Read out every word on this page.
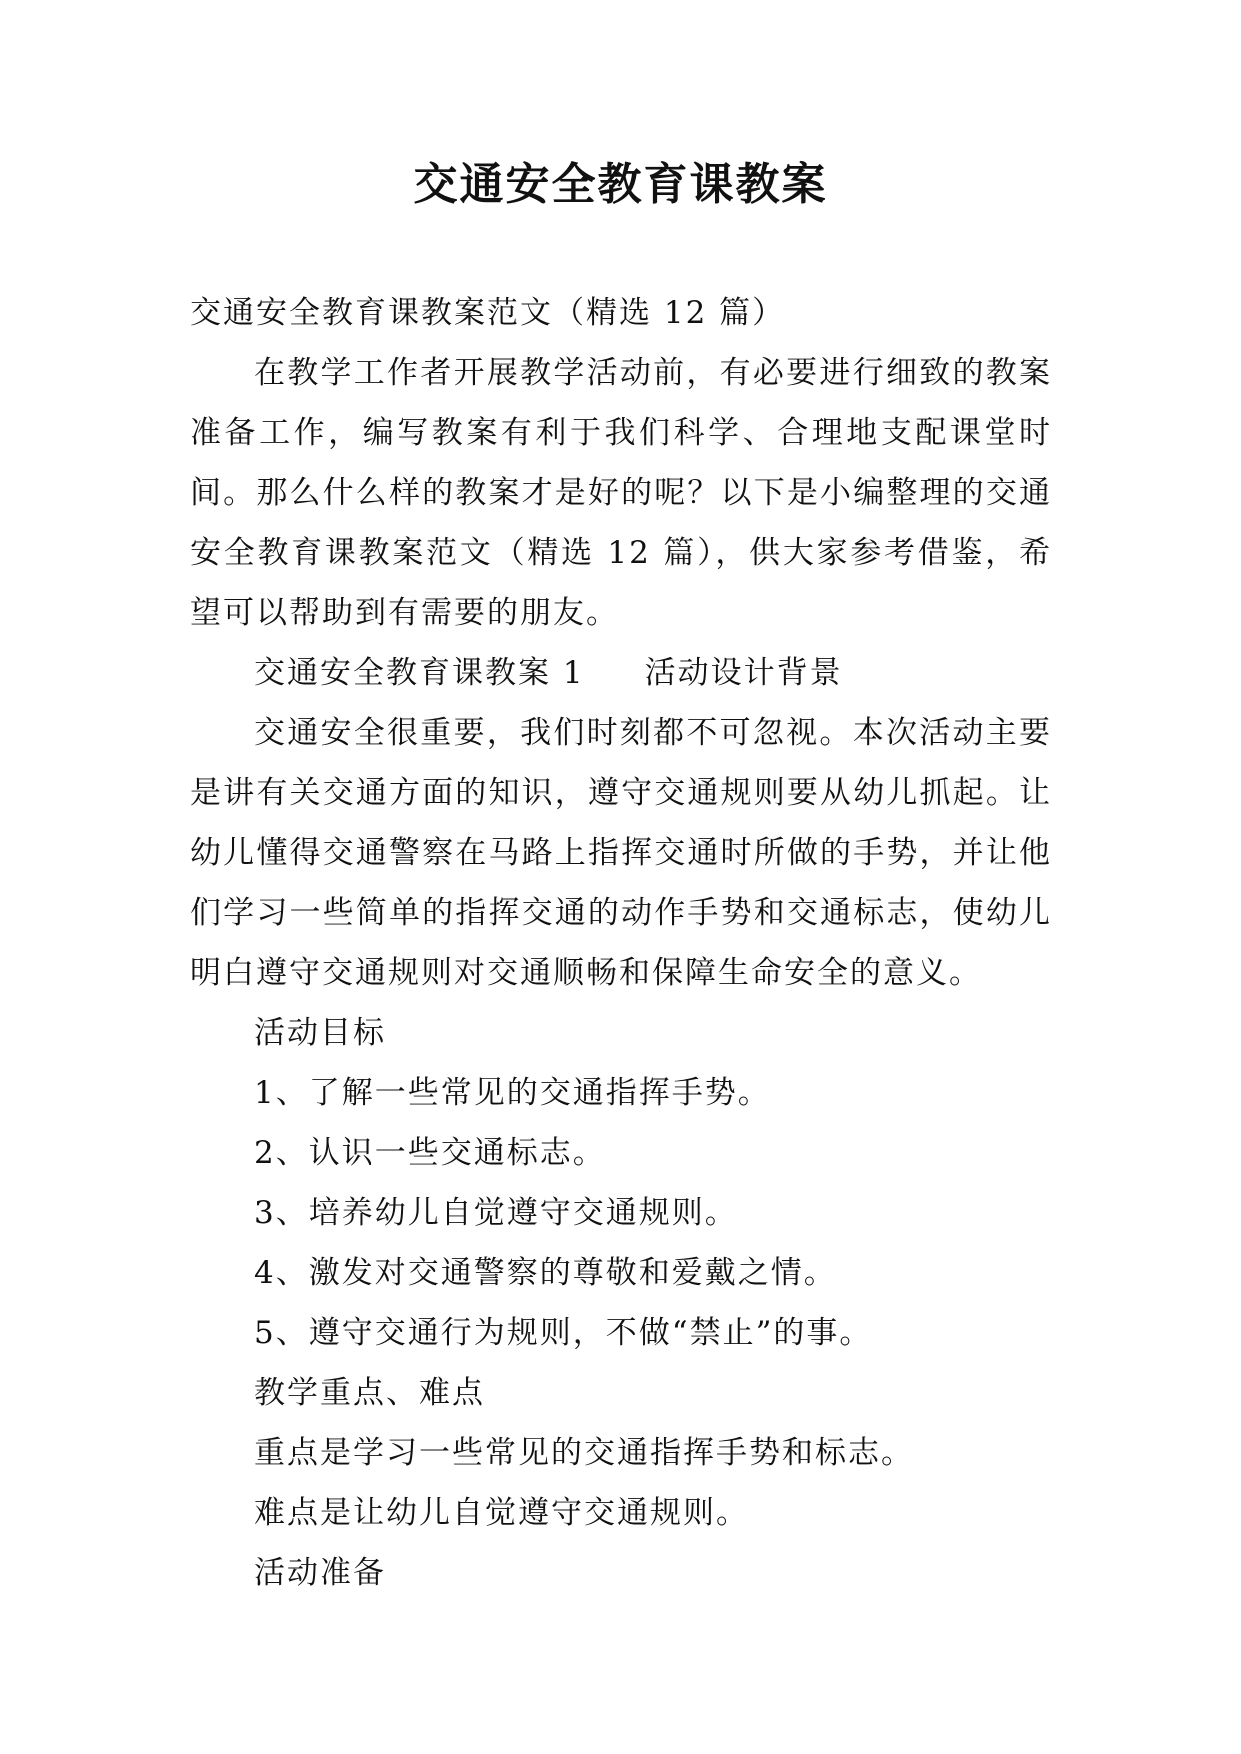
交通安全教育课教案

交通安全教育课教案范文（精选 12 篇）

在教学工作者开展教学活动前，有必要进行细致的教案准备工作，编写教案有利于我们科学、合理地支配课堂时间。那么什么样的教案才是好的呢？以下是小编整理的交通安全教育课教案范文（精选 12 篇），供大家参考借鉴，希望可以帮助到有需要的朋友。

交通安全教育课教案 1 活动设计背景

交通安全很重要，我们时刻都不可忽视。本次活动主要是讲有关交通方面的知识，遵守交通规则要从幼儿抓起。让幼儿懂得交通警察在马路上指挥交通时所做的手势，并让他们学习一些简单的指挥交通的动作手势和交通标志，使幼儿明白遵守交通规则对交通顺畅和保障生命安全的意义。

活动目标

1、了解一些常见的交通指挥手势。

2、认识一些交通标志。

3、培养幼儿自觉遵守交通规则。

4、激发对交通警察的尊敬和爱戴之情。

5、遵守交通行为规则，不做“禁止”的事。

教学重点、难点

重点是学习一些常见的交通指挥手势和标志。

难点是让幼儿自觉遵守交通规则。

活动准备
